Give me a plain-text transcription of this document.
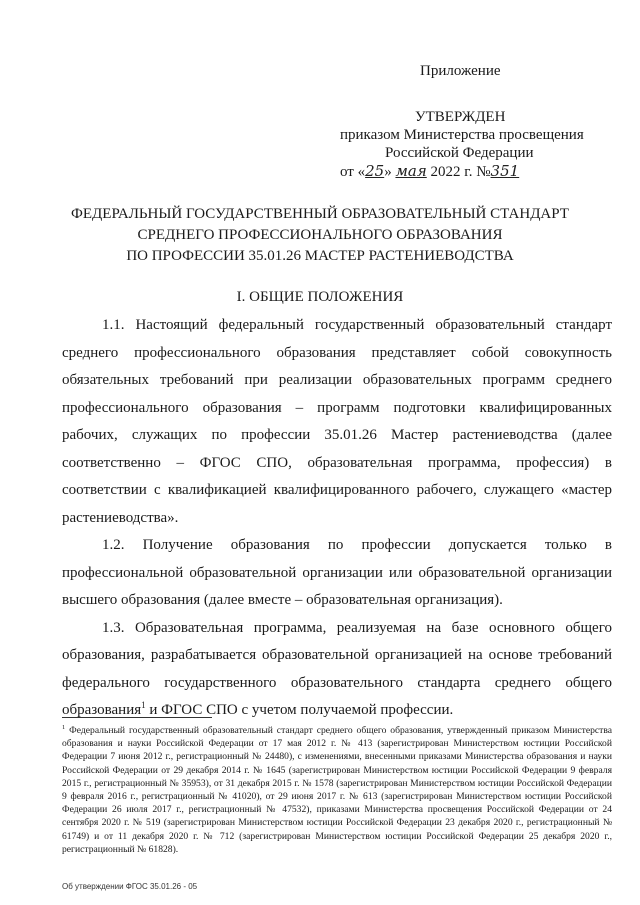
Приложение
УТВЕРЖДЕН
приказом Министерства просвещения
Российской Федерации
от «25» мая 2022 г. №351
ФЕДЕРАЛЬНЫЙ ГОСУДАРСТВЕННЫЙ ОБРАЗОВАТЕЛЬНЫЙ СТАНДАРТ
СРЕДНЕГО ПРОФЕССИОНАЛЬНОГО ОБРАЗОВАНИЯ
ПО ПРОФЕССИИ 35.01.26 МАСТЕР РАСТЕНИЕВОДСТВА
I. ОБЩИЕ ПОЛОЖЕНИЯ

1.1. Настоящий федеральный государственный образовательный стандарт среднего профессионального образования представляет собой совокупность обязательных требований при реализации образовательных программ среднего профессионального образования – программ подготовки квалифицированных рабочих, служащих по профессии 35.01.26 Мастер растениеводства (далее соответственно – ФГОС СПО, образовательная программа, профессия) в соответствии с квалификацией квалифицированного рабочего, служащего «мастер растениеводства».

1.2. Получение образования по профессии допускается только в профессиональной образовательной организации или образовательной организации высшего образования (далее вместе – образовательная организация).

1.3. Образовательная программа, реализуемая на базе основного общего образования, разрабатывается образовательной организацией на основе требований федерального государственного образовательного стандарта среднего общего образования$^1$ и ФГОС СПО с учетом получаемой профессии.

$^1$ Федеральный государственный образовательный стандарт среднего общего образования, утвержденный приказом Министерства образования и науки Российской Федерации от 17 мая 2012 г. № 413 (зарегистрирован Министерством юстиции Российской Федерации 7 июня 2012 г., регистрационный № 24480), с изменениями, внесенными приказами Министерства образования и науки Российской Федерации от 29 декабря 2014 г. № 1645 (зарегистрирован Министерством юстиции Российской Федерации 9 февраля 2015 г., регистрационный № 35953), от 31 декабря 2015 г. № 1578 (зарегистрирован Министерством юстиции Российской Федерации 9 февраля 2016 г., регистрационный № 41020), от 29 июня 2017 г. № 613 (зарегистрирован Министерством юстиции Российской Федерации 26 июля 2017 г., регистрационный № 47532), приказами Министерства просвещения Российской Федерации от 24 сентября 2020 г. № 519 (зарегистрирован Министерством юстиции Российской Федерации 23 декабря 2020 г., регистрационный № 61749) и от 11 декабря 2020 г. № 712 (зарегистрирован Министерством юстиции Российской Федерации 25 декабря 2020 г., регистрационный № 61828).
Об утверждении ФГОС 35.01.26 - 05
